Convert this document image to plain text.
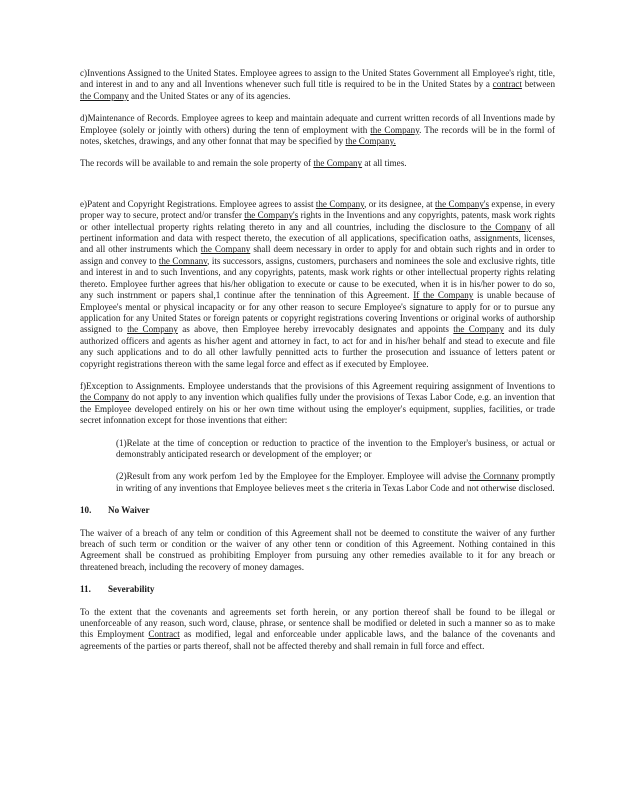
c)Inventions Assigned to the United States. Employee agrees to assign to the United States Government all Employee's right, title, and interest in and to any and all Inventions whenever such full title is required to be in the United States by a contract between the Company and the United States or any of its agencies.

d)Maintenance of Records. Employee agrees to keep and maintain adequate and current written records of all Inventions made by Employee (solely or jointly with others) during the tenn of employment with the Company. The records will be in the forml of notes, sketches, drawings, and any other fonnat that may be specified by the Company.

The records will be available to and remain the sole property of the Company at all times.

e)Patent and Copyright Registrations. Employee agrees to assist the Company, or its designee, at the Company's expense, in every proper way to secure, protect and/or transfer the Company's rights in the Inventions and any copyrights, patents, mask work rights or other intellectual property rights relating thereto in any and all countries, including the disclosure to the Company of all pertinent information and data with respect thereto, the execution of all applications, specification oaths, assignments, licenses, and all other instruments which the Company shall deem necessary in order to apply for and obtain such rights and in order to assign and convey to the Comnanv, its successors, assigns, customers, purchasers and nominees the sole and exclusive rights, title and interest in and to such Inventions, and any copyrights, patents, mask work rights or other intellectual property rights relating thereto. Employee further agrees that his/her obligation to execute or cause to be executed, when it is in his/her power to do so, any such instrnment or papers shal,1 continue after the tennination of this Agreement. If the Company is unable because of Employee's mental or physical incapacity or for any other reason to secure Employee's signature to apply for or to pursue any application for any United States or foreign patents or copyright registrations covering Inventions or original works of authorship assigned to the Company as above, then Employee hereby irrevocably designates and appoints the Company and its duly authorized officers and agents as his/her agent and attorney in fact, to act for and in his/her behalf and stead to execute and file any such applications and to do all other lawfully pennitted acts to further the prosecution and issuance of letters patent or copyright registrations thereon with the same legal force and effect as if executed by Employee.

f)Exception to Assignments. Employee understands that the provisions of this Agreement requiring assignment of Inventions to the Companv do not apply to any invention which qualifies fully under the provisions of Texas Labor Code, e.g. an invention that the Employee developed entirely on his or her own time without using the employer's equipment, supplies, facilities, or trade secret infonnation except for those inventions that either:

(1)Relate at the time of conception or reduction to practice of the invention to the Employer's business, or actual or demonstrably anticipated research or development of the employer; or

(2)Result from any work perfom 1ed by the Employee for the Employer. Employee will advise the Cornnanv promptly in writing of any inventions that Employee believes meet s the criteria in Texas Labor Code and not otherwise disclosed.

10. No Waiver

The waiver of a breach of any telm or condition of this Agreement shall not be deemed to constitute the waiver of any further breach of such term or condition or the waiver of any other tenn or condition of this Agreement. Nothing contained in this Agreement shall be construed as prohibiting Employer from pursuing any other remedies available to it for any breach or threatened breach, including the recovery of money damages.

11. Severability

To the extent that the covenants and agreements set forth herein, or any portion thereof shall be found to be illegal or unenforceable of any reason, such word, clause, phrase, or sentence shall be modified or deleted in such a manner so as to make this Employment Contract as modified, legal and enforceable under applicable laws, and the balance of the covenants and agreements of the parties or parts thereof, shall not be affected thereby and shall remain in full force and effect.
